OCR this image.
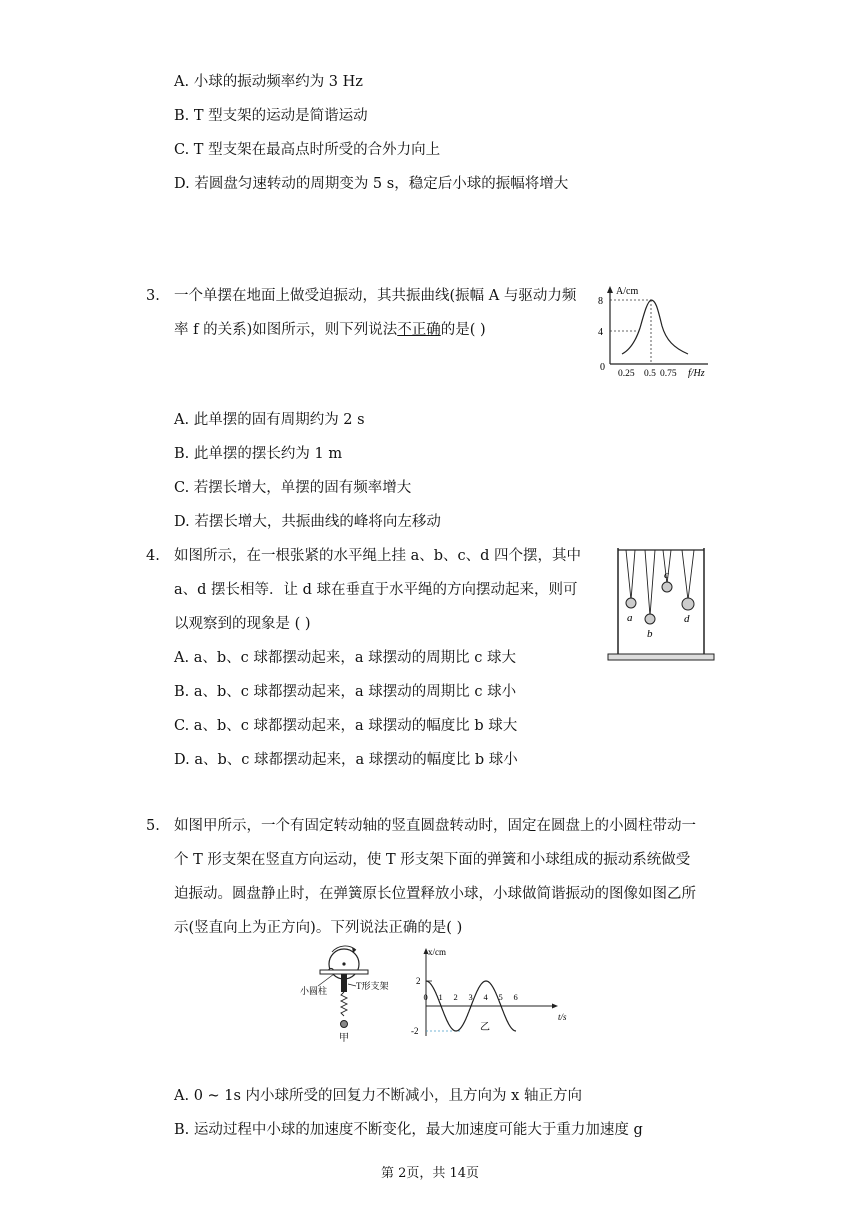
A. 小球的振动频率约为 3 Hz
B. T 型支架的运动是简谐运动
C. T 型支架在最高点时所受的合外力向上
D. 若圆盘匀速转动的周期变为 5 s，稳定后小球的振幅将增大
3. 一个单摆在地面上做受迫振动，其共振曲线(振幅 A 与驱动力频
率 f 的关系)如图所示，则下列说法不正确的是( )
A/cm
8
4
0
0.25 0.5 0.75 f/Hz
A. 此单摆的固有周期约为 2 s
B. 此单摆的摆长约为 1 m
C. 若摆长增大，单摆的固有频率增大
D. 若摆长增大，共振曲线的峰将向左移动
4. 如图所示，在一根张紧的水平绳上挂 a、b、c、d 四个摆，其中
a、d 摆长相等．让 d 球在垂直于水平绳的方向摆动起来，则可
以观察到的现象是 ( )	a
b
c
d
A. a、b、c 球都摆动起来，a 球摆动的周期比 c 球大
B. a、b、c 球都摆动起来，a 球摆动的周期比 c 球小
C. a、b、c 球都摆动起来，a 球摆动的幅度比 b 球大
D. a、b、c 球都摆动起来，a 球摆动的幅度比 b 球小
5. 如图甲所示，一个有固定转动轴的竖直圆盘转动时，固定在圆盘上的小圆柱带动一
个 T 形支架在竖直方向运动，使 T 形支架下面的弹簧和小球组成的振动系统做受
迫振动。圆盘静止时，在弹簧原长位置释放小球，小球做简谐振动的图像如图乙所
示(竖直向上为正方向)。下列说法正确的是( )
小圆柱	T形支架
甲
x/cm
2
-2
0 1 2 3 4 5 6
t/s
乙
A. 0 ~ 1s 内小球所受的回复力不断减小，且方向为 x 轴正方向
B. 运动过程中小球的加速度不断变化，最大加速度可能大于重力加速度 g
第 2页，共 14页
